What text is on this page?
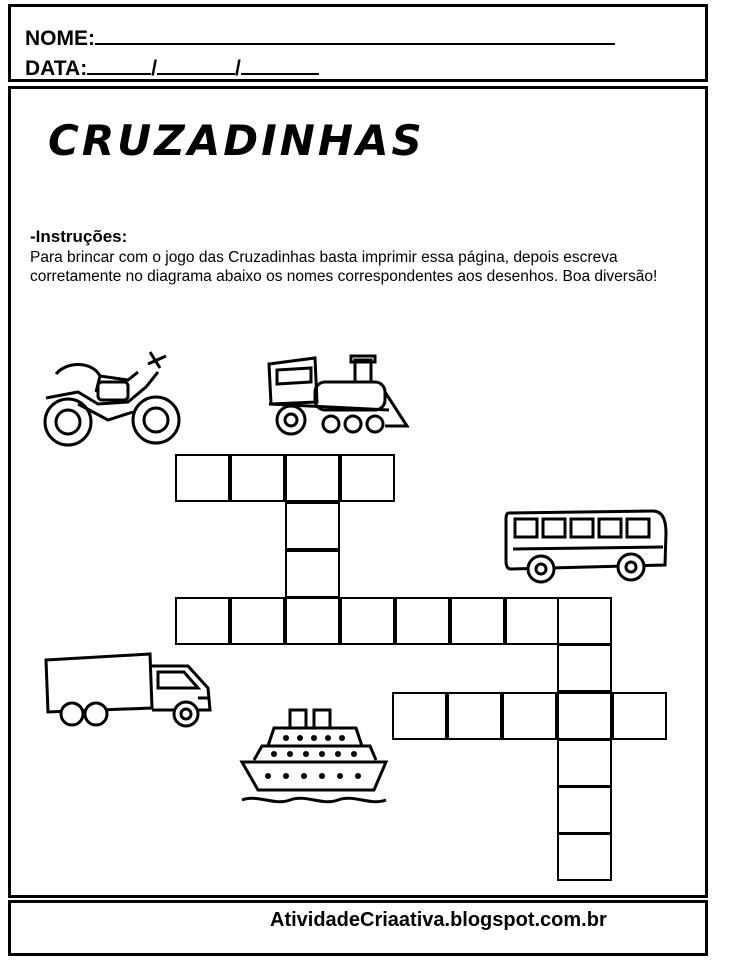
NOME:
DATA:	/	/
CRUZADINHAS
-Instruções:
Para brincar com o jogo das Cruzadinhas basta imprimir essa página, depois escreva corretamente no diagrama abaixo os nomes correspondentes aos desenhos. Boa diversão!
AtividadeCriaativa.blogspot.com.br
